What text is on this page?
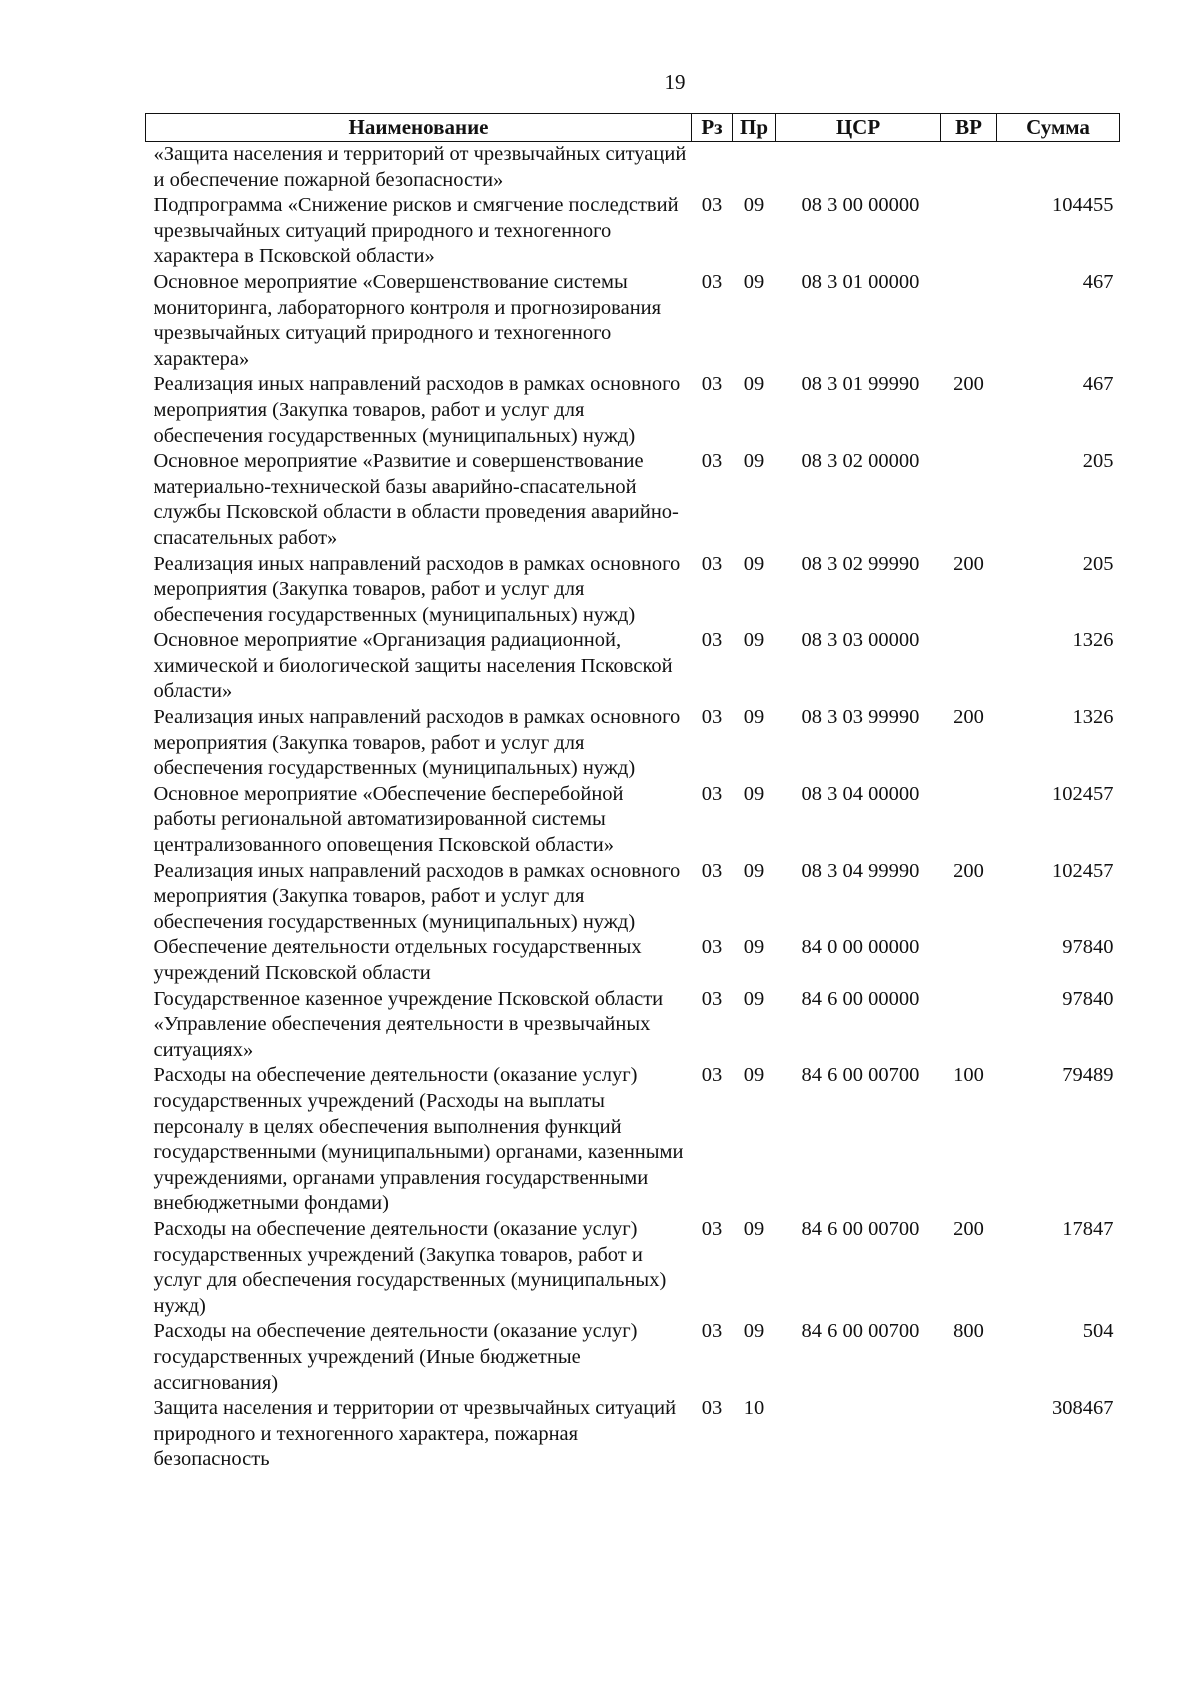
19
Наименование	Рз	Пр	ЦСР	ВР	Сумма
«Защита населения и территорий от чрезвычайных ситуаций и обеспечение пожарной безопасности»					
Подпрограмма «Снижение рисков и смягчение последствий чрезвычайных ситуаций природного и техногенного характера в Псковской области»	03	09	08 3 00 00000		104455
Основное мероприятие «Совершенствование системы мониторинга, лабораторного контроля и прогнозирования чрезвычайных ситуаций природного и техногенного характера»	03	09	08 3 01 00000		467
Реализация иных направлений расходов в рамках основного мероприятия (Закупка товаров, работ и услуг для обеспечения государственных (муниципальных) нужд)	03	09	08 3 01 99990	200	467
Основное мероприятие «Развитие и совершенствование материально-технической базы аварийно-спасательной службы Псковской области в области проведения аварийно-спасательных работ»	03	09	08 3 02 00000		205
Реализация иных направлений расходов в рамках основного мероприятия (Закупка товаров, работ и услуг для обеспечения государственных (муниципальных) нужд)	03	09	08 3 02 99990	200	205
Основное мероприятие «Организация радиационной, химической и биологической защиты населения Псковской области»	03	09	08 3 03 00000		1326
Реализация иных направлений расходов в рамках основного мероприятия (Закупка товаров, работ и услуг для обеспечения государственных (муниципальных) нужд)	03	09	08 3 03 99990	200	1326
Основное мероприятие «Обеспечение бесперебойной работы региональной автоматизированной системы централизованного оповещения Псковской области»	03	09	08 3 04 00000		102457
Реализация иных направлений расходов в рамках основного мероприятия (Закупка товаров, работ и услуг для обеспечения государственных (муниципальных) нужд)	03	09	08 3 04 99990	200	102457
Обеспечение деятельности отдельных государственных учреждений Псковской области	03	09	84 0 00 00000		97840
Государственное казенное учреждение Псковской области «Управление обеспечения деятельности в чрезвычайных ситуациях»	03	09	84 6 00 00000		97840
Расходы на обеспечение деятельности (оказание услуг) государственных учреждений (Расходы на выплаты персоналу в целях обеспечения выполнения функций государственными (муниципальными) органами, казенными учреждениями, органами управления государственными внебюджетными фондами)	03	09	84 6 00 00700	100	79489
Расходы на обеспечение деятельности (оказание услуг) государственных учреждений (Закупка товаров, работ и услуг для обеспечения государственных (муниципальных) нужд)	03	09	84 6 00 00700	200	17847
Расходы на обеспечение деятельности (оказание услуг) государственных учреждений (Иные бюджетные ассигнования)	03	09	84 6 00 00700	800	504
Защита населения и территории от чрезвычайных ситуаций природного и техногенного характера, пожарная безопасность	03	10			308467
